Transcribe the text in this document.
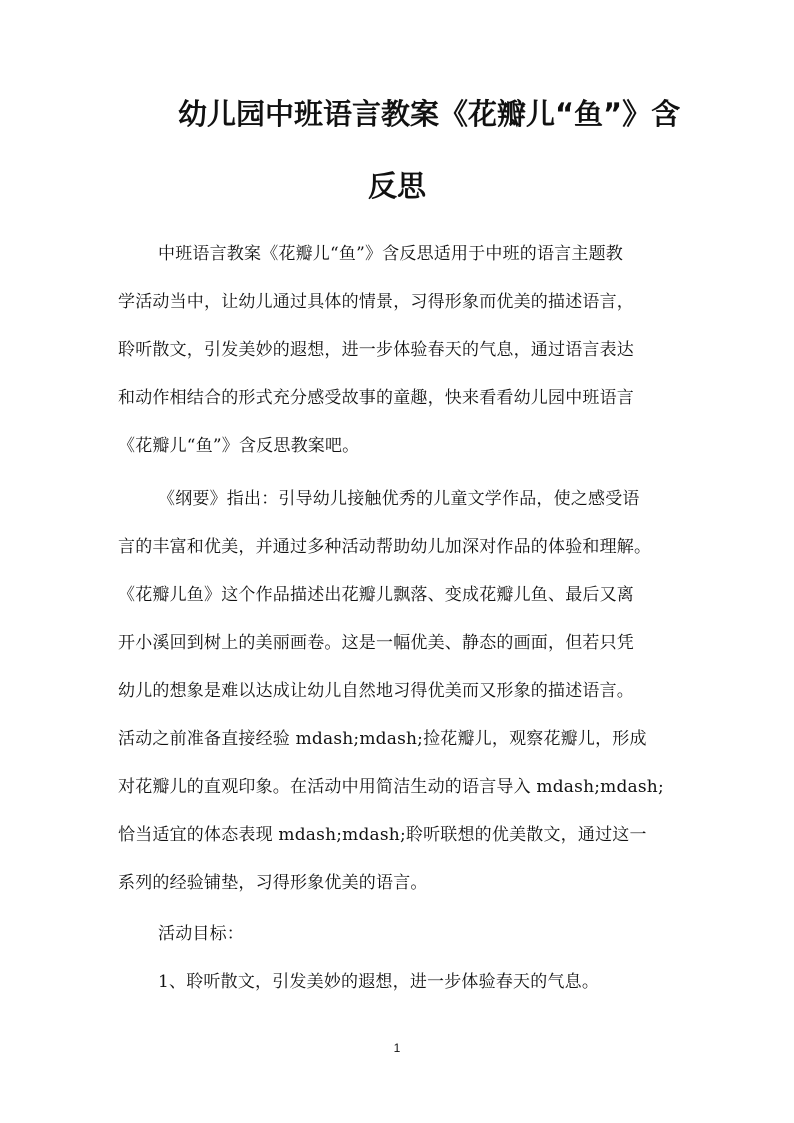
幼儿园中班语言教案《花瓣儿“鱼”》含
反思

中班语言教案《花瓣儿“鱼”》含反思适用于中班的语言主题教

学活动当中，让幼儿通过具体的情景，习得形象而优美的描述语言，

聆听散文，引发美妙的遐想，进一步体验春天的气息，通过语言表达

和动作相结合的形式充分感受故事的童趣，快来看看幼儿园中班语言

《花瓣儿“鱼”》含反思教案吧。

《纲要》指出：引导幼儿接触优秀的儿童文学作品，使之感受语

言的丰富和优美，并通过多种活动帮助幼儿加深对作品的体验和理解。

《花瓣儿鱼》这个作品描述出花瓣儿飘落、变成花瓣儿鱼、最后又离

开小溪回到树上的美丽画卷。这是一幅优美、静态的画面，但若只凭

幼儿的想象是难以达成让幼儿自然地习得优美而又形象的描述语言。

活动之前准备直接经验 mdash;mdash;捡花瓣儿，观察花瓣儿，形成

对花瓣儿的直观印象。在活动中用简洁生动的语言导入 mdash;mdash;

恰当适宜的体态表现 mdash;mdash;聆听联想的优美散文，通过这一

系列的经验铺垫，习得形象优美的语言。

活动目标：

1、聆听散文，引发美妙的遐想，进一步体验春天的气息。

1
